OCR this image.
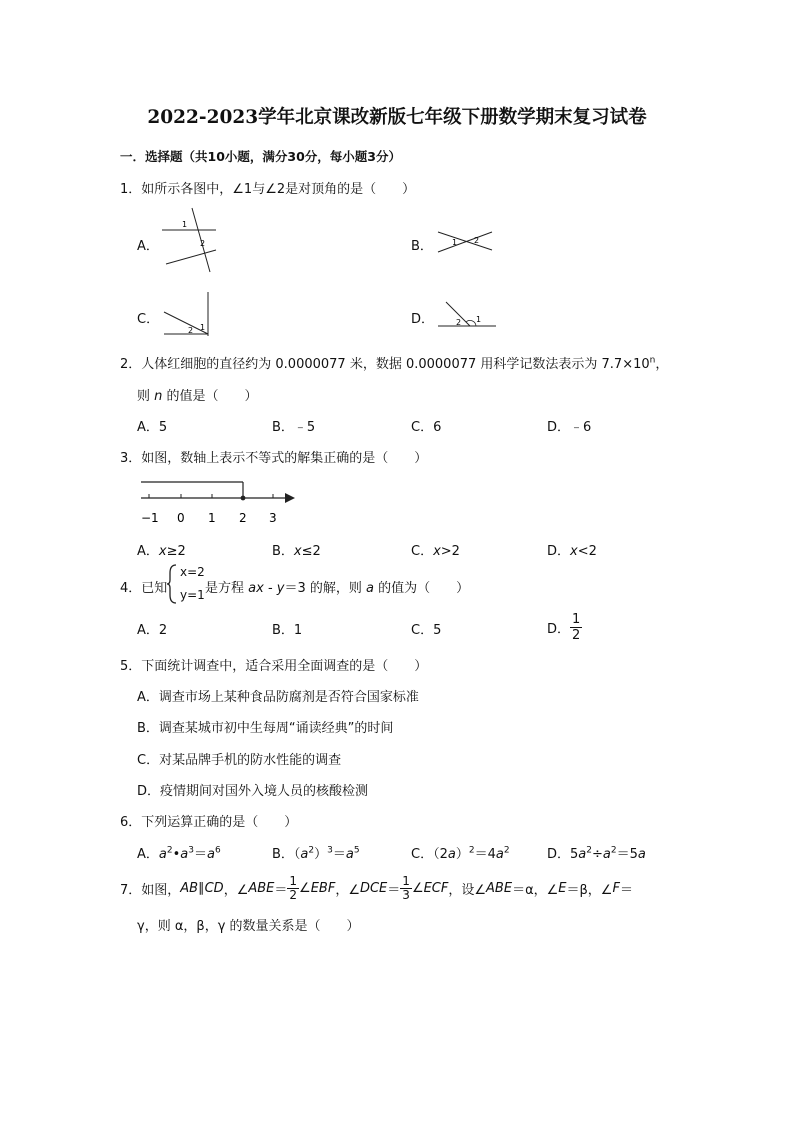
2022-2023学年北京课改新版七年级下册数学期末复习试卷
一．选择题（共10小题，满分30分，每小题3分）
1．如所示各图中，∠1与∠2是对顶角的是（　　）
A．
1
2	B． 1 2
C．
1
2
D．	1
2
2．人体红细胞的直径约为 0.0000077 米，数据 0.0000077 用科学记数法表示为 $7.7\times 10^n$，
则 n 的值是（　　）
A．5	B．﹣5	C．6	D．﹣6
3．如图，数轴上表示不等式的解集正确的是（　　）
−1 0 1 2 3
A．x≥2	B．x≤2	C．x>2	D．x<2
4．已知
x=2
y=1 是方程 ax - y＝3 的解，则 a 的值为（　　）
A．2	B．1	C．5	D． $\frac{1}{2}$
5．下面统计调查中，适合采用全面调查的是（　　）
A．调查市场上某种食品防腐剂是否符合国家标准
B．调查某城市初中生每周“诵读经典”的时间
C．对某品牌手机的防水性能的调查
D．疫情期间对国外入境人员的核酸检测
6．下列运算正确的是（　　）
A．$a^2•a^3=a^6$	B．$(a^2)^3=a^5$	C．$(2a)^2=4a^2$	D．$5a^2\div a^2=5a$
7．如图，AB∥CD，∠ABE＝ $\frac{1}{2}$ ∠EBF，∠DCE＝ $\frac{1}{3}$ ∠ECF，设∠ABE＝α，∠E＝β，∠F＝
γ，则 α，β，γ 的数量关系是（　　）
